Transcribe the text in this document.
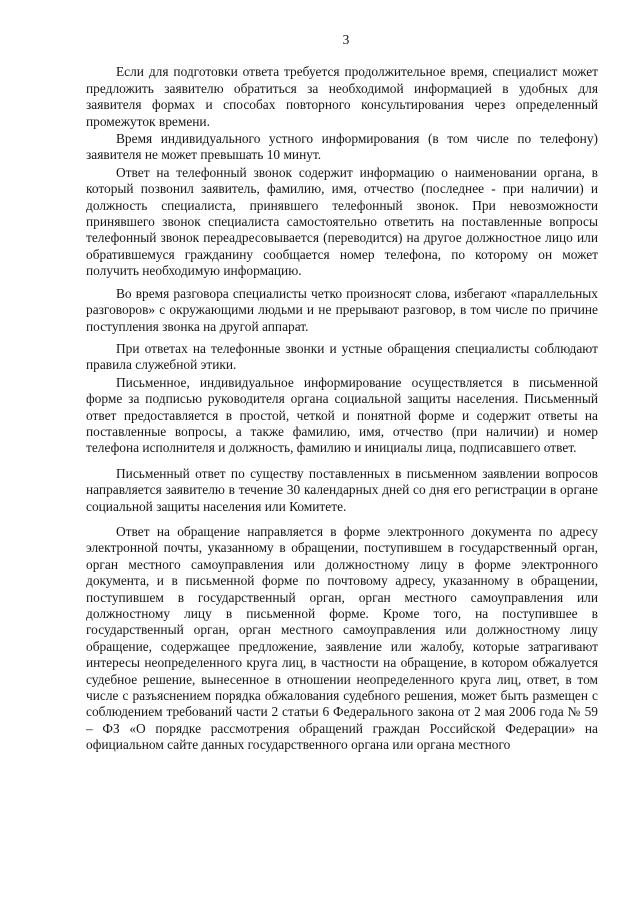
3

Если для подготовки ответа требуется продолжительное время, специалист может предложить заявителю обратиться за необходимой информацией в удобных для заявителя формах и способах повторного консультирования через определенный промежуток времени.

Время индивидуального устного информирования (в том числе по телефону) заявителя не может превышать 10 минут.

Ответ на телефонный звонок содержит информацию о наименовании органа, в который позвонил заявитель, фамилию, имя, отчество (последнее - при наличии) и должность специалиста, принявшего телефонный звонок. При невозможности принявшего звонок специалиста самостоятельно ответить на поставленные вопросы телефонный звонок переадресовывается (переводится) на другое должностное лицо или обратившемуся гражданину сообщается номер телефона, по которому он может получить необходимую информацию.

Во время разговора специалисты четко произносят слова, избегают «параллельных разговоров» с окружающими людьми и не прерывают разговор, в том числе по причине поступления звонка на другой аппарат.

При ответах на телефонные звонки и устные обращения специалисты соблюдают правила служебной этики.

Письменное, индивидуальное информирование осуществляется в письменной форме за подписью руководителя органа социальной защиты населения. Письменный ответ предоставляется в простой, четкой и понятной форме и содержит ответы на поставленные вопросы, а также фамилию, имя, отчество (при наличии) и номер телефона исполнителя и должность, фамилию и инициалы лица, подписавшего ответ.

Письменный ответ по существу поставленных в письменном заявлении вопросов направляется заявителю в течение 30 календарных дней со дня его регистрации в органе социальной защиты населения или Комитете.

Ответ на обращение направляется в форме электронного документа по адресу электронной почты, указанному в обращении, поступившем в государственный орган, орган местного самоуправления или должностному лицу в форме электронного документа, и в письменной форме по почтовому адресу, указанному в обращении, поступившем в государственный орган, орган местного самоуправления или должностному лицу в письменной форме. Кроме того, на поступившее в государственный орган, орган местного самоуправления или должностному лицу обращение, содержащее предложение, заявление или жалобу, которые затрагивают интересы неопределенного круга лиц, в частности на обращение, в котором обжалуется судебное решение, вынесенное в отношении неопределенного круга лиц, ответ, в том числе с разъяснением порядка обжалования судебного решения, может быть размещен с соблюдением требований части 2 статьи 6 Федерального закона от 2 мая 2006 года № 59 – ФЗ «О порядке рассмотрения обращений граждан Российской Федерации» на официальном сайте данных государственного органа или органа местного
